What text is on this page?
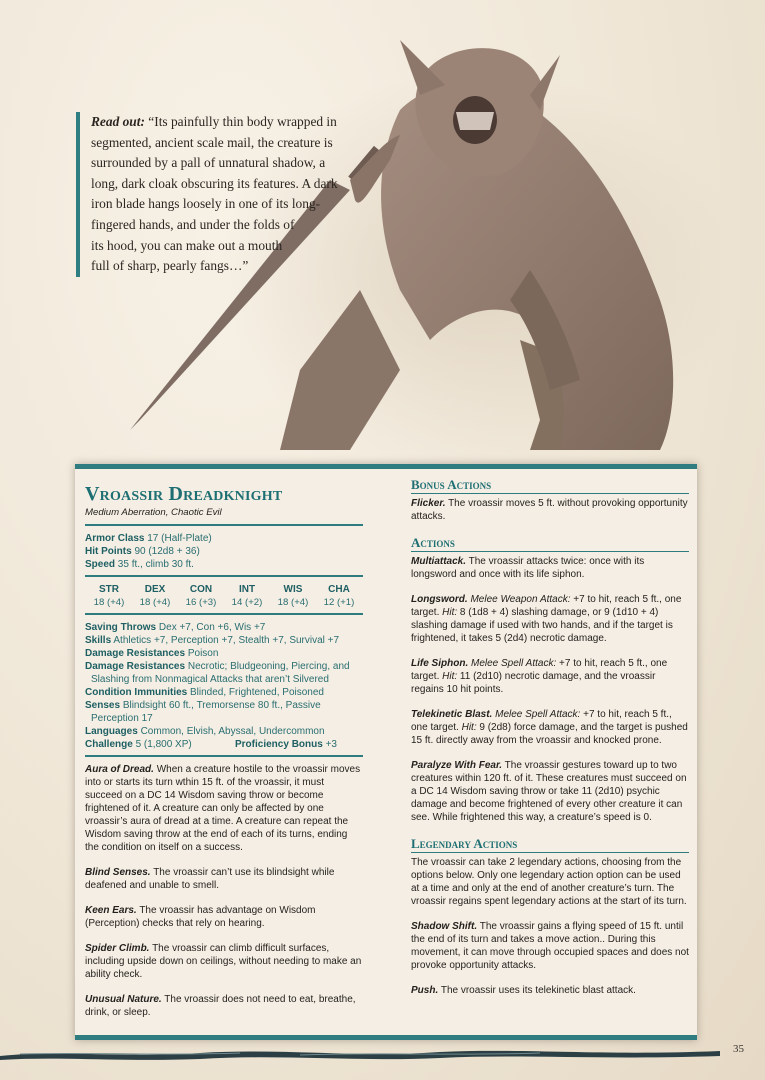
Read out: “Its painfully thin body wrapped in
segmented, ancient scale mail, the creature is
surrounded by a pall of unnatural shadow, a
long, dark cloak obscuring its features. A dark
iron blade hangs loosely in one of its long-
fingered hands, and under the folds of
its hood, you can make out a mouth
full of sharp, pearly fangs…”
Vroassir Dreadknight
Medium Aberration, Chaotic Evil
Armor Class 17 (Half-Plate)
Hit Points 90 (12d8 + 36)
Speed 35 ft., climb 30 ft.
STR
18 (+4)
DEX
18 (+4)
CON
16 (+3)
INT
14 (+2)
WIS
18 (+4)
CHA
12 (+1)
Saving Throws Dex +7, Con +6, Wis +7
Skills Athletics +7, Perception +7, Stealth +7, Survival +7
Damage Resistances Poison
Damage Resistances Necrotic; Bludgeoning, Piercing, and
Slashing from Nonmagical Attacks that aren’t Silvered
Condition Immunities Blinded, Frightened, Poisoned
Senses Blindsight 60 ft., Tremorsense 80 ft., Passive
Perception 17
Languages Common, Elvish, Abyssal, Undercommon
Challenge 5 (1,800 XP)	Proficiency Bonus +3
Aura of Dread. When a creature hostile to the vroassir moves into or starts its turn wthin 15 ft. of the vroassir, it must succeed on a DC 14 Wisdom saving throw or become frightened of it. A creature can only be affected by one vroassir’s aura of dread at a time. A creature can repeat the Wisdom saving throw at the end of each of its turns, ending the condition on itself on a success.
Blind Senses. The vroassir can’t use its blindsight while deafened and unable to smell.
Keen Ears. The vroassir has advantage on Wisdom (Perception) checks that rely on hearing.
Spider Climb. The vroassir can climb difficult surfaces, including upside down on ceilings, without needing to make an ability check.
Unusual Nature. The vroassir does not need to eat, breathe, drink, or sleep.
Bonus Actions
Flicker. The vroassir moves 5 ft. without provoking opportunity attacks.
Actions
Multiattack. The vroassir attacks twice: once with its longsword and once with its life siphon.
Longsword. Melee Weapon Attack: +7 to hit, reach 5 ft., one target. Hit: 8 (1d8 + 4) slashing damage, or 9 (1d10 + 4) slashing damage if used with two hands, and if the target is frightened, it takes 5 (2d4) necrotic damage.
Life Siphon. Melee Spell Attack: +7 to hit, reach 5 ft., one target. Hit: 11 (2d10) necrotic damage, and the vroassir regains 10 hit points.
Telekinetic Blast. Melee Spell Attack: +7 to hit, reach 5 ft., one target. Hit: 9 (2d8) force damage, and the target is pushed 15 ft. directly away from the vroassir and knocked prone.
Paralyze With Fear. The vroassir gestures toward up to two creatures within 120 ft. of it. These creatures must succeed on a DC 14 Wisdom saving throw or take 11 (2d10) psychic damage and become frightened of every other creature it can see. While frightened this way, a creature’s speed is 0.
Legendary Actions
The vroassir can take 2 legendary actions, choosing from the options below. Only one legendary action option can be used at a time and only at the end of another creature’s turn. The vroassir regains spent legendary actions at the start of its turn.
Shadow Shift. The vroassir gains a flying speed of 15 ft. until the end of its turn and takes a move action.. During this movement, it can move through occupied spaces and does not provoke opportunity attacks.
Push. The vroassir uses its telekinetic blast attack.
35
